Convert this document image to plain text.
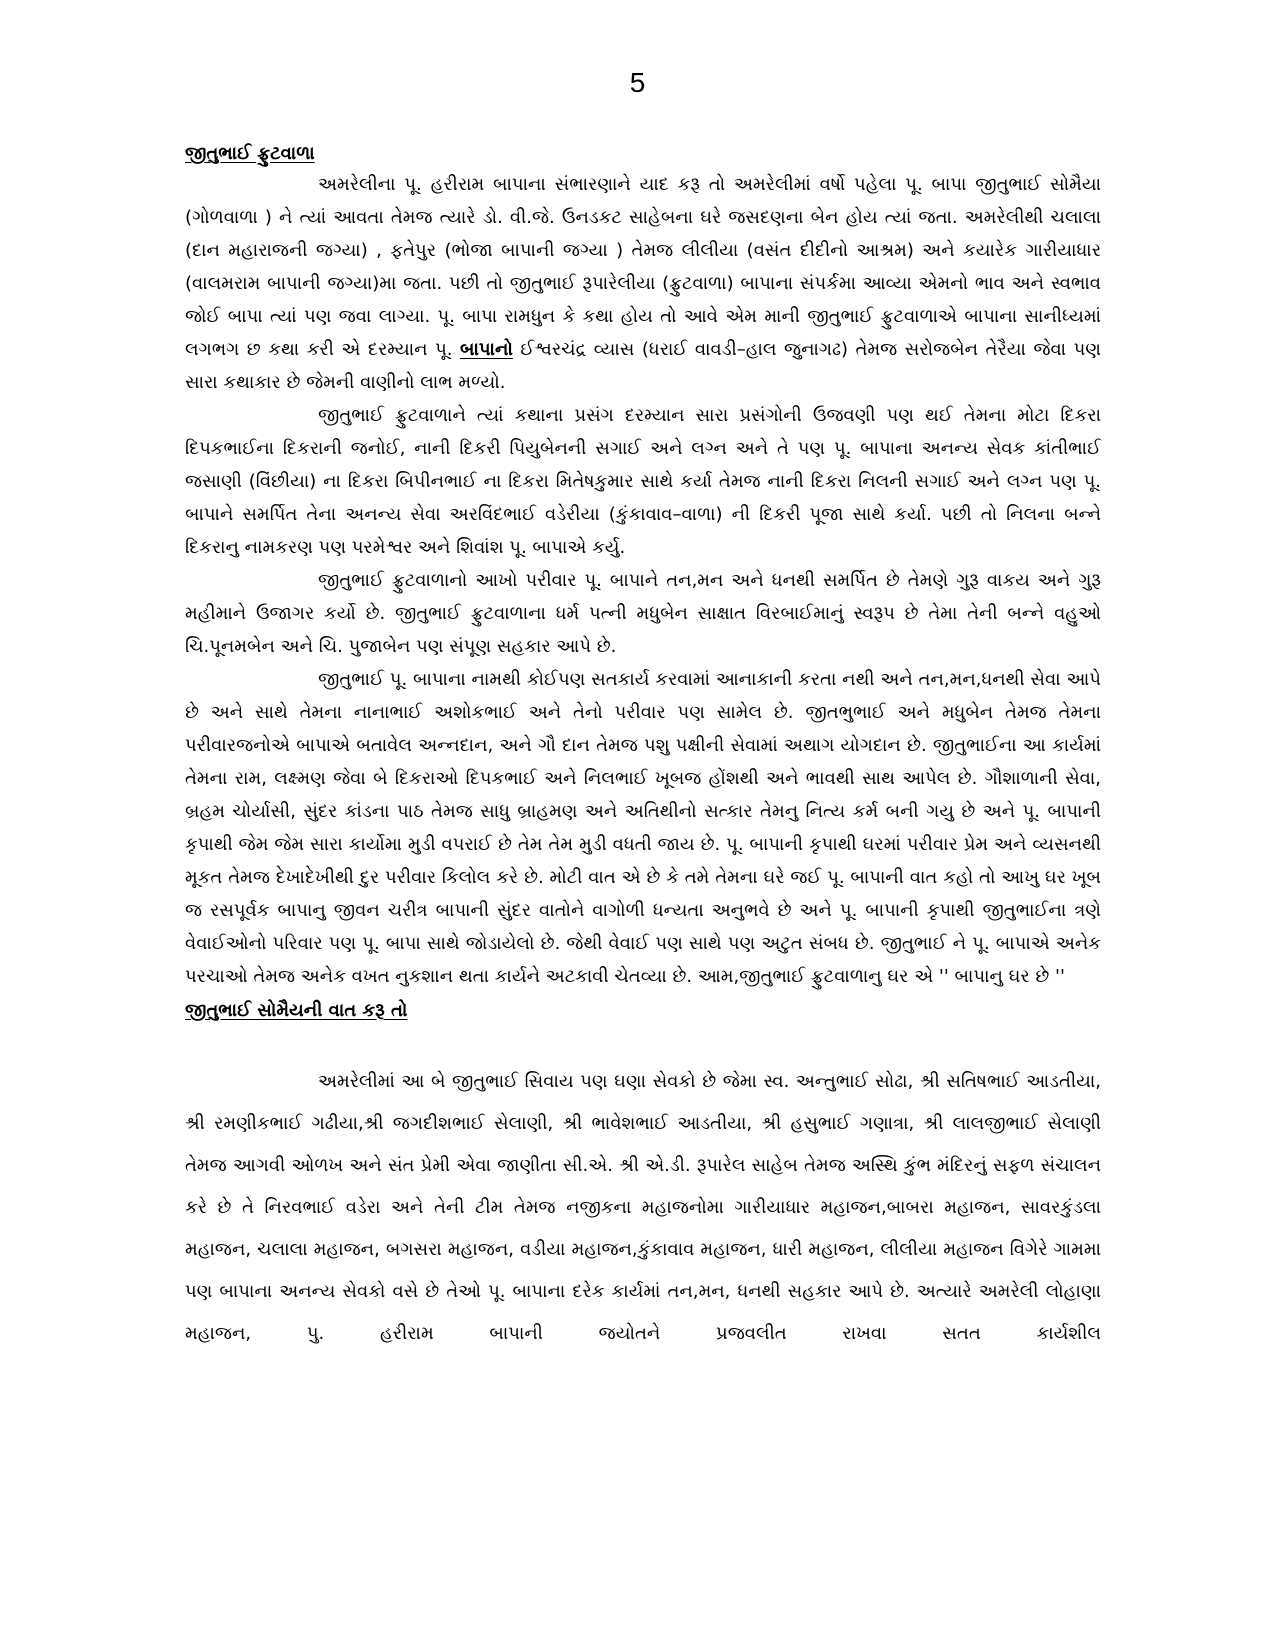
5
જીતુભાઈ ફ્રુટવાળા

અમરેલીના પૂ. હરીરામ બાપાના સંભારણાને યાદ કરૂ તો અમરેલીમાં વર્ષો પહેલા પૂ. બાપા જીતુભાઈ સોમૈયા (ગોળવાળા ) ને ત્યાં આવતા તેમજ ત્યારે ડો. વી.જે. ઉનડકટ સાહેબના ઘરે જસદણના બેન હોય ત્યાં જતા. અમરેલીથી ચલાલા (દાન મહારાજની જગ્યા) , ફતેપુર (ભોજા બાપાની જગ્યા ) તેમજ લીલીયા (વસંત દીદીનો આશ્રમ) અને કયારેક ગારીયાધાર (વાલમરામ બાપાની જગ્યા)મા જતા. પછી તો જીતુભાઈ રૂપારેલીયા (ફ્રુટવાળા) બાપાના સંપર્કમા આવ્યા એમનો ભાવ અને સ્વભાવ જોઈ બાપા ત્યાં પણ જવા લાગ્યા. પૂ. બાપા રામધુન કે કથા હોય તો આવે એમ માની જીતુભાઈ ફ્રુટવાળાએ બાપાના સાનીધ્યમાં લગભગ છ કથા કરી એ દરમ્યાન પૂ. બાપાનો ઈશ્વરચંદ્ર વ્યાસ (ધરાઈ વાવડી–હાલ જુનાગઢ) તેમજ સરોજબેન તેરૈયા જેવા પણ સારા કથાકાર છે જેમની વાણીનો લાભ મળ્યો.

જીતુભાઈ ફ્રુટવાળાને ત્યાં કથાના પ્રસંગ દરમ્યાન સારા પ્રસંગોની ઉજવણી પણ થઈ તેમના મોટા દિકરા દિપકભાઈના દિકરાની જનોઈ, નાની દિકરી પિયુબેનની સગાઈ અને લગ્ન અને તે પણ પૂ. બાપાના અનન્ય સેવક કાંતીભાઈ જસાણી (વિંછીયા) ના દિકરા બિપીનભાઈ ના દિકરા મિતેષકુમાર સાથે કર્યા તેમજ નાની દિકરા નિલની સગાઈ અને લગ્ન પણ પૂ. બાપાને સમર્પિત તેના અનન્ય સેવા અરવિંદભાઈ વડેરીયા (કુંકાવાવ–વાળા) ની દિકરી પૂજા સાથે કર્યા. પછી તો નિલના બન્ને દિકરાનુ નામકરણ પણ પરમેશ્વર અને શિવાંશ પૂ. બાપાએ કર્યુ.

જીતુભાઈ ફ્રુટવાળાનો આખો પરીવાર પૂ. બાપાને તન,મન અને ધનથી સમર્પિત છે તેમણે ગુરૂ વાકય અને ગુરૂ મહીમાને ઉજાગર કર્યો છે. જીતુભાઈ ફ્રુટવાળાના ધર્મ પત્ની મધુબેન સાક્ષાત વિરબાઈમાનું સ્વરૂપ છે તેમા તેની બન્ને વહુઓ ચિ.પૂનમબેન અને ચિ. પુજાબેન પણ સંપૂણ સહકાર આપે છે.

જીતુભાઈ પૂ. બાપાના નામથી કોઈપણ સતકાર્ય કરવામાં આનાકાની કરતા નથી અને તન,મન,ધનથી સેવા આપે છે અને સાથે તેમના નાનાભાઈ અશોકભાઈ અને તેનો પરીવાર પણ સામેલ છે. જીતભુભાઈ અને મધુબેન તેમજ તેમના પરીવારજનોએ બાપાએ બતાવેલ અન્નદાન, અને ગૌ દાન તેમજ પશુ પક્ષીની સેવામાં અથાગ યોગદાન છે. જીતુભાઈના આ કાર્યમાં તેમના રામ, લક્ષ્મણ જેવા બે દિકરાઓ દિપકભાઈ અને નિલભાઈ ખૂબજ હોંશથી અને ભાવથી સાથ આપેલ છે. ગૌશાળાની સેવા, બ્રહમ ચોર્યાસી, સુંદર કાંડના પાઠ તેમજ સાધુ બ્રાહમણ અને અતિથીનો સત્કાર તેમનુ નિત્ય કર્મ બની ગયુ છે અને પૂ. બાપાની કૃપાથી જેમ જેમ સારા કાર્યોમા મુડી વપરાઈ છે તેમ તેમ મુડી વધતી જાય છે. પૂ. બાપાની કૃપાથી ઘરમાં પરીવાર પ્રેમ અને વ્યસનથી મૂકત તેમજ દેખાદેખીથી દુર પરીવાર કિલોલ કરે છે. મોટી વાત એ છે કે તમે તેમના ઘરે જઈ પૂ. બાપાની વાત કહો તો આખુ ઘર ખૂબ જ રસપૂર્વક બાપાનુ જીવન ચરીત્ર બાપાની સુંદર વાતોને વાગોળી ધન્યતા અનુભવે છે અને પૂ. બાપાની કૃપાથી જીતુભાઈના ત્રણે વેવાઈઓનો પરિવાર પણ પૂ. બાપા સાથે જોડાયેલો છે. જેથી વેવાઈ પણ સાથે પણ અટુત સંબધ છે. જીતુભાઈ ને પૂ. બાપાએ અનેક પરચાઓ તેમજ અનેક વખત નુકશાન થતા કાર્યને અટકાવી ચેતવ્યા છે. આમ,જીતુભાઈ ફ્રુટવાળાનુ ઘર એ '' બાપાનુ ઘર છે ''

જીતુભાઈ સોમૈયની વાત કરૂ તો

અમરેલીમાં આ બે જીતુભાઈ સિવાય પણ ઘણા સેવકો છે જેમા સ્વ. અન્તુભાઈ સોઢા, શ્રી સતિષભાઈ આડતીયા, શ્રી રમણીકભાઈ ગઢીયા,શ્રી જગદીશભાઈ સેલાણી, શ્રી ભાવેશભાઈ આડતીયા, શ્રી હસુભાઈ ગણાત્રા, શ્રી લાલજીભાઈ સેલાણી તેમજ આગવી ઓળખ અને સંત પ્રેમી એવા જાણીતા સી.એ. શ્રી એ.ડી. રૂપારેલ સાહેબ તેમજ અસ્થિ કુંભ મંદિરનું સફળ સંચાલન કરે છે તે નિરવભાઈ વડેરા અને તેની ટીમ તેમજ નજીકના મહાજનોમા ગારીયાધાર મહાજન,બાબરા મહાજન, સાવરકુંડલા મહાજન, ચલાલા મહાજન, બગસરા મહાજન, વડીયા મહાજન,કુંકાવાવ મહાજન, ધારી મહાજન, લીલીયા મહાજન વિગેરે ગામમા પણ બાપાના અનન્ય સેવકો વસે છે તેઓ પૂ. બાપાના દરેક કાર્યમાં તન,મન, ધનથી સહકાર આપે છે. અત્યારે અમરેલી લોહાણા મહાજન, પુ. હરીરામ બાપાની જયોતને પ્રજવલીત રાખવા સતત કાર્યશીલ
